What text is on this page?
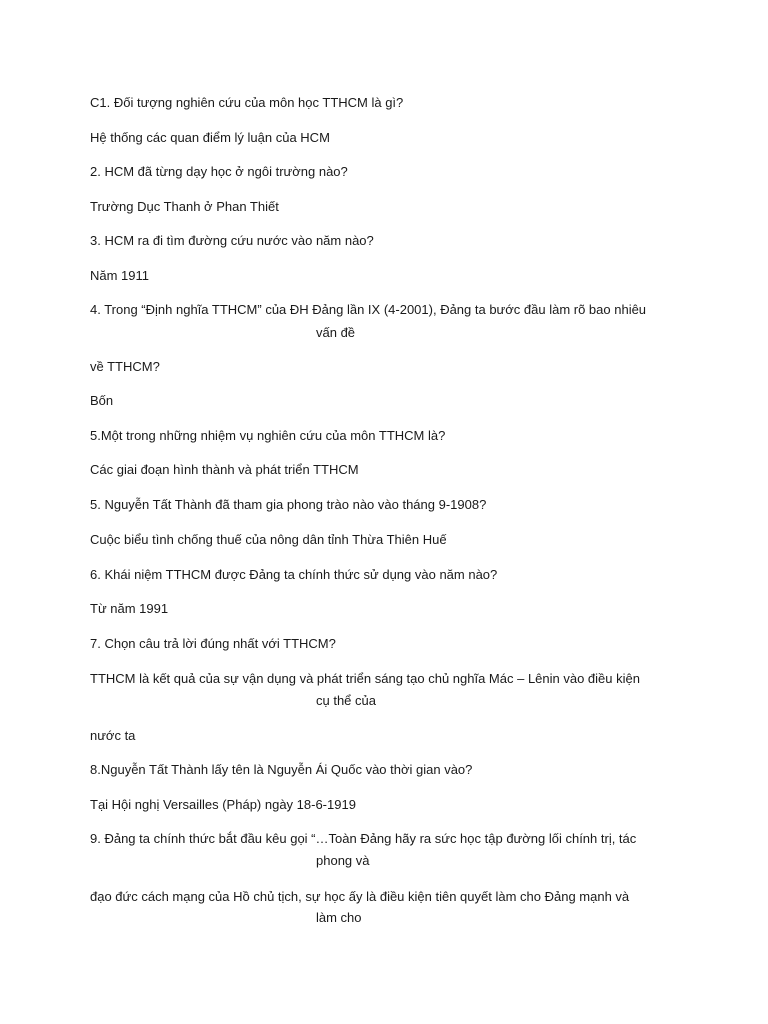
C1. Đối tượng nghiên cứu của môn học TTHCM là gì?
Hệ thống các quan điểm lý luận của HCM
2. HCM đã từng dạy học ở ngôi trường nào?
Trường Dục Thanh ở Phan Thiết
3. HCM ra đi tìm đường cứu nước vào năm nào?
Năm 1911
4. Trong “Định nghĩa TTHCM” của ĐH Đảng lần IX (4-2001), Đảng ta bước đầu làm rõ bao nhiêu
vấn đề
về TTHCM?
Bốn
5.Một trong những nhiệm vụ nghiên cứu của môn TTHCM là?
Các giai đoạn hình thành và phát triển TTHCM
5. Nguyễn Tất Thành đã tham gia phong trào nào vào tháng 9-1908?
Cuộc biểu tình chống thuế của nông dân tỉnh Thừa Thiên Huế
6. Khái niệm TTHCM được Đảng ta chính thức sử dụng vào năm nào?
Từ năm 1991
7. Chọn câu trả lời đúng nhất với TTHCM?
TTHCM là kết quả của sự vận dụng và phát triển sáng tạo chủ nghĩa Mác – Lênin vào điều kiện
cụ thể của
nước ta
8.Nguyễn Tất Thành lấy tên là Nguyễn Ái Quốc vào thời gian vào?
Tại Hội nghị Versailles (Pháp) ngày 18-6-1919
9. Đảng ta chính thức bắt đầu kêu gọi “…Toàn Đảng hãy ra sức học tập đường lối chính trị, tác
phong và
đạo đức cách mạng của Hồ chủ tịch, sự học ấy là điều kiện tiên quyết làm cho Đảng mạnh và
làm cho
